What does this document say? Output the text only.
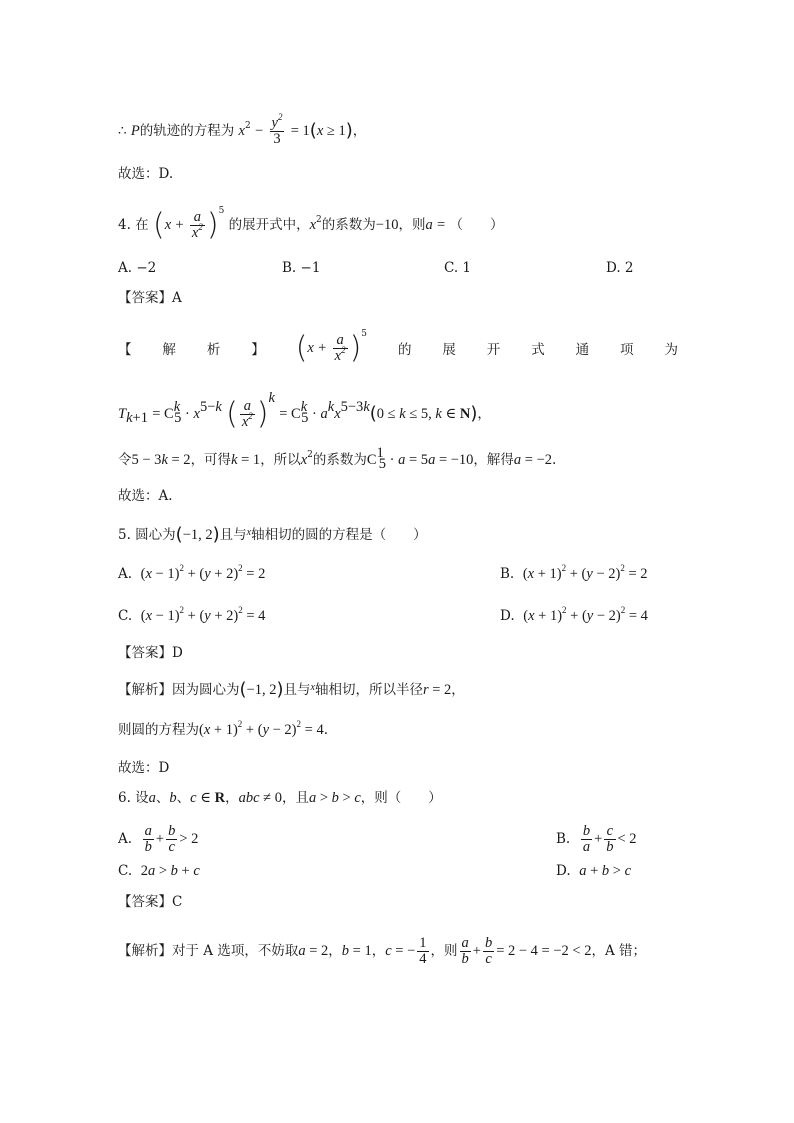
∴ P的轨迹的方程为 $x^2 - \frac{y^2}{3} = 1(x \ge 1)$，
故选：D.
4. 在 $(x + \frac{a}{x^2} )^5$ 的展开式中，$x^2$的系数为−10，则a = （　　）
A. −2	B. −1	C. 1	D. 2
【答案】A
【 解 析 】 $(x + \frac{a}{x^2} )^5$
的 展 开 式 通 项 为
$T_{k+1} = C^k_5 \cdot x^{5-k}$ ( $\frac{a}{x^2} )^k = C^k_5 \cdot a^kx^{5-3k}(0 \le k \le 5$, k ∈ N)，
令5 − 3k = 2，可得k = 1，所以$x^2$的系数为$C^1_5 \cdot a = 5a = -10$，解得a = −2.
故选：A.
5. 圆心为(−1, 2)且与$^x$轴相切的圆的方程是（　　）
A. $(x - 1)^2 + (y + 2)^2 = 2$	B. $(x + 1)^2 + (y - 2)^2 = 2$
C. $(x - 1)^2 + (y + 2)^2 = 4$	D. $(x + 1)^2 + (y - 2)^2 = 4$
【答案】D
【解析】因为圆心为(−1, 2)且与$^x$轴相切，所以半径r = 2，
则圆的方程为$(x + 1)^2 + (y - 2)^2 = 4$.
故选：D
6. 设a、b、c ∈ R，abc ≠ 0，且a > b > c，则（　　）
A. $\frac{a}{b} + \frac{b}{c} > 2$	B. $\frac{b}{a} + \frac{c}{b} < 2$
C. 2a > b + c	D. a + b > c
【答案】C
【解析】对于 A 选项，不妨取a = 2，b = 1，c = − $\frac{1}{4}$ ，则 $\frac{a}{b} + \frac{b}{c} = 2 - 4 = -2 < 2$，A 错；
